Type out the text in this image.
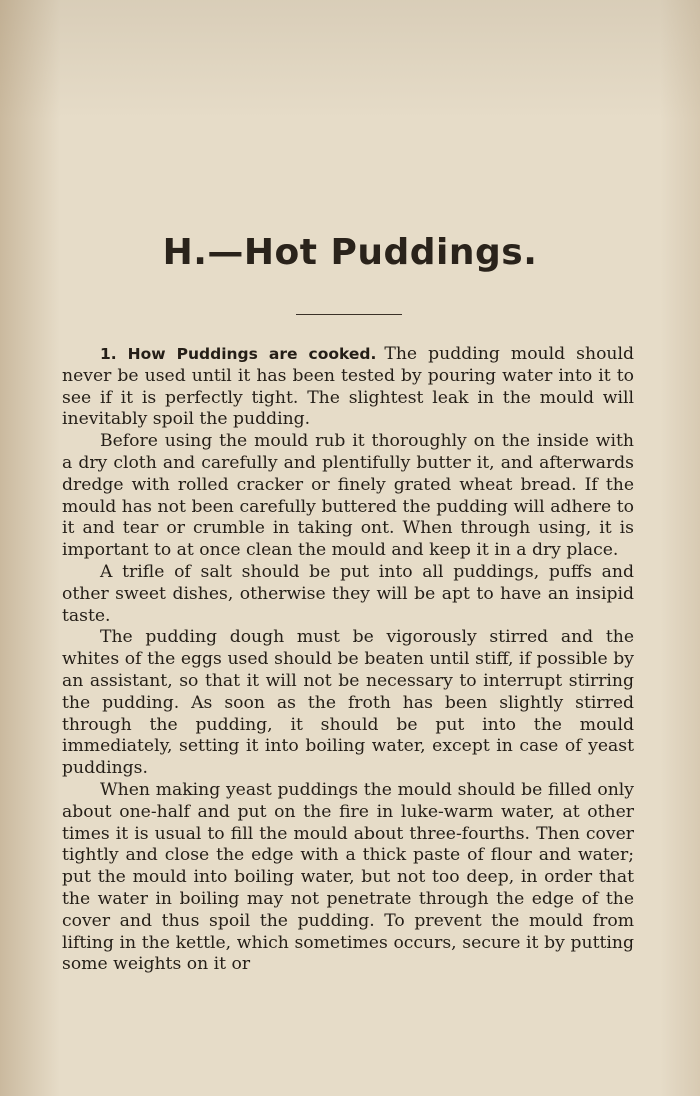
H.—Hot Puddings.

1. How Puddings are cooked. The pudding mould should never be used until it has been tested by pouring water into it to see if it is perfectly tight. The slightest leak in the mould will inevitably spoil the pudding.

Before using the mould rub it thoroughly on the inside with a dry cloth and carefully and plentifully butter it, and afterwards dredge with rolled cracker or finely grated wheat bread. If the mould has not been carefully buttered the pudding will adhere to it and tear or crumble in taking ont. When through using, it is important to at once clean the mould and keep it in a dry place.

A trifle of salt should be put into all puddings, puffs and other sweet dishes, otherwise they will be apt to have an insipid taste.

The pudding dough must be vigorously stirred and the whites of the eggs used should be beaten until stiff, if possible by an assistant, so that it will not be necessary to interrupt stirring the pudding. As soon as the froth has been slightly stirred through the pudding, it should be put into the mould immediately, setting it into boiling water, except in case of yeast puddings.

When making yeast puddings the mould should be filled only about one-half and put on the fire in luke-warm water, at other times it is usual to fill the mould about three-fourths. Then cover tightly and close the edge with a thick paste of flour and water; put the mould into boiling water, but not too deep, in order that the water in boiling may not penetrate through the edge of the cover and thus spoil the pudding. To prevent the mould from lifting in the kettle, which sometimes occurs, secure it by putting some weights on it or
